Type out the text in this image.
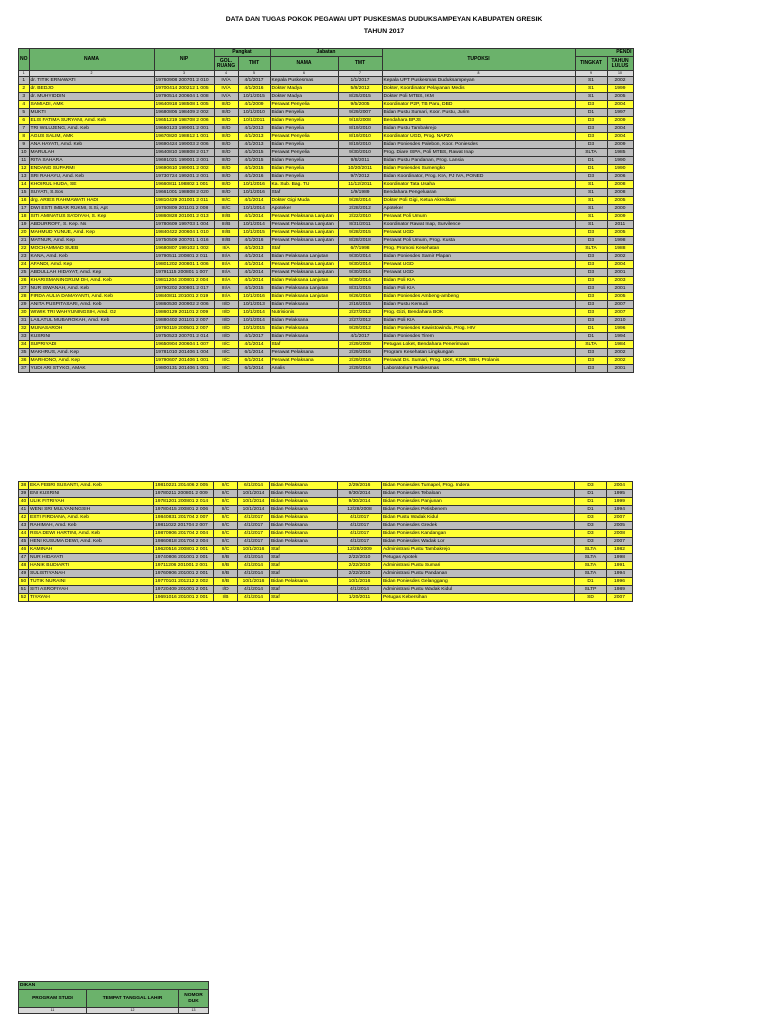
DATA DAN TUGAS POKOK PEGAWAI UPT PUSKESMAS DUDUKSAMPEYAN KABUPATEN GRESIK
TAHUN 2017
NO	NAMA	NIP	Pangkat		Jabatan		TUPOKSI	PENDI	
			GOL. RUANG	TMT	NAMA	TMT		TINGKAT	TAHUN LULUS
1	2	3	4	5	6	7	8	9	10
1	dr. TITIK ERNAWATI	19760908 200701 2 010	IV/A	4/1/2017	Kepala Puskesmas	1/1/2017	Kepala UPT Puskesmas Duduksampeyan	S1	2002
2	dr. BEDJO	19700414 200212 1 005	IV/A	4/1/2016	Dokter Madya	5/8/2012	Dokter, Koordinator Pelayanan Medis	S1	1999
3	dr. MUHYIDDIN	19790514 200604 1 008	IV/A	10/1/2015	Dokter Madya	8/25/2015	Dokter Poli MTBS, IKM	S1	2005
4	SAMIADI, AMK	19640918 198508 1 005	III/D	4/1/2009	Perawat Penyelia	9/5/2005	Koordinator P2P, TB Paru, DBD	D3	2004
5	MUKTI	19680806 198409 2 002	III/D	10/1/2010	Bidan Penyelia	9/29/2007	Bidan Pustu Sumari, Koor. Pustu, Jurim	D1	1997
6	ELIS FATIMA SURYANI, Amd. Keb	19651219 198708 2 006	III/D	10/1/2011	Bidan Penyelia	9/18/2008	Bendahara BPJS	D3	2009
7	TRI WILUJENG, Amd. Keb	19660123 199001 2 001	III/D	4/1/2013	Bidan Penyelia	8/19/2010	Bidan Pustu Tambakrejo	D3	2004
8	AGUS SALIM, AMK	19670820 198812 1 001	III/D	4/1/2013	Perawat Penyelia	8/19/2010	Koordinator UGD, Prog. NAPZA	D3	2004
9	ANA HAYATI, Amd. Keb	19690424 199003 2 006	III/D	4/1/2013	Bidan Penyelia	8/19/2010	Bidan Poniesdes Palebon, Koor. Poniesdes	D3	2009
10	MARULAH	19640810 198808 2 017	III/D	4/1/2015	Perawat Penyelia	9/30/2010	Prog. Diare ISPA, Poli MTBS, Rawat Inap	SLTA	1985
11	RITA SAHARA	19691021 199001 2 001	III/D	4/1/2015	Bidan Penyelia	9/8/2011	Bidan Pustu Pandanan, Prog. Lansia	D1	1990
12	ENDANG SUPARMI	19690610 199001 2 002	III/D	4/1/2015	Bidan Penyelia	10/20/2011	Bidan Poniesdes Sumengko	D1	1990
13	SRI RAHAYU, Amd. Keb	19730724 199201 2 001	III/D	4/1/2016	Bidan Penyelia	9/7/2012	Bidan Koordinator, Prog. KIA, PJ IVA, PONED	D3	2006
14	KHOIRUL HUDA, SE	19660811 198802 1 001	III/D	10/1/2016	Ka. Sub. Bag. TU	11/12/2011	Koordinator Tata Usaha	S1	2008
15	SUYATI, S.Sos	19661001 198808 2 020	III/D	10/1/2016	Staf	1/9/1989	Bendahara Pengeluaran	S1	2008
16	drg. ARIES RAHMAWATI HADI	19810429 201001 2 011	III/C	4/1/2014	Dokter Gigi Muda	9/28/2014	Dokter Poli Gigi, Ketua Akreditasi	S1	2005
17	DWI ESTI IMBAR RUKMI, S.Si, Apt	19760809 201101 2 008	III/C	10/1/2014	Apoteker	2/28/2012	Apoteker	S1	2000
18	SITI AMINATUS SA'DIYAH, S. Kep	19860828 201001 2 013	III/B	4/1/2014	Perawat Pelaksana Lanjutan	2/22/2010	Perawat Poli Umum	S1	2009
19	ABDURROFI', S. Kep. Ns	19780609 199703 1 004	III/B	10/1/2014	Perawat Pelaksana Lanjutan	8/31/2011	Koordinator Rawat Inap, Survilence	S1	2011
20	MAHMUD YUNUE, Amd. Kep	19840422 200604 1 010	III/B	10/1/2015	Perawat Pelaksana Lanjutan	9/28/2015	Perawat UGD	D3	2005
21	MATNUR, Amd. Kep	19750509 200701 1 016	III/B	4/1/2016	Perawat Pelaksana Lanjutan	8/28/2018	Perawat Poli Umum, Prog. Kusta	D3	1998
22	MOCHAMMAD SUEB	19680807 199102 1 002	II/A	4/1/2013	Staf	6/7/1998	Prog. Promosi Kesehatan	SLTA	1988
23	KANA, Amd. Keb	19790511 200801 2 011	III/A	4/1/2014	Bidan Pelaksana Lanjutan	9/30/2014	Bidan Poniesdes Samir Plapan	D3	2002
24	AFANDI, Amd. Kep	19801202 200801 1 006	III/A	4/1/2014	Perawat Pelaksana Lanjutan	9/30/2014	Perawat UGD	D3	2004
25	ABDULLAH HIDAYAT, Amd. Kep	19791115 200801 1 007	III/A	4/1/2014	Perawat Pelaksana Lanjutan	9/30/2014	Perawat UGD	D3	2001
26	KHARISMANINGRUM DH, Amd. Keb	19811204 200801 2 004	III/A	4/1/2014	Bidan Pelaksana Lanjutan	9/30/2014	Bidan Poli KIA	D3	2003
27	NUR ISWANAH, Amd. Keb	19790202 200801 2 017	III/A	4/1/2015	Bidan Pelaksana Lanjutan	8/31/2015	Bidan Poli KIA	D3	2001
28	FIRDA AULIA DAMAYANTI, Amd. Keb	19840811 201001 2 019	III/A	10/1/2016	Bidan Pelaksana Lanjutan	9/26/2016	Bidan Poniesdes Ambeng-ambeng	D3	2005
29	ANITA PUSPITASARI, Amd. Keb	19860530 200902 2 006	II/D	10/1/2013	Bidan Pelaksana	2/16/2015	Bidan Pustu Kemudi	D3	2007
30	WIWIK TRI WAHYUNINGSIH, Amd. Gz	19860129 201101 2 009	II/D	10/1/2014	Nutrisionis	2/27/2012	Prog. Gizi, Bendahara BOK	D3	2007
31	LAILATUL MUBAROKAH, Amd. Keb	19880402 201101 2 007	II/D	10/1/2014	Bidan Pelaksana	2/27/2012	Bidan Poli KIA	D3	2010
32	MUNASAROH	19760119 200501 2 007	II/D	10/1/2015	Bidan Pelaksana	9/29/2012	Bidan Poniesdes Kawistowindu, Prog. HIV	D1	1996
33	KUSRINI	19750523 200701 2 014	II/D	4/1/2017	Bidan Pelaksana	4/1/2017	Bidan Poniesdes Tirem	D1	1994
34	SUPRIYADI	19650904 200604 1 007	II/C	4/1/2014	Staf	2/29/2008	Petugas Loket, Bendahara Penerimaan	SLTA	1984
35	MAKHRUS, Amd. Kep	19781010 201406 1 004	II/C	6/1/2014	Perawat Pelaksana	2/29/2016	Program Kesehatan Lingkungan	D3	2002
36	MARHONO, Amd. Kep	19790607 201406 1 001	II/C	6/1/2014	Perawat Pelaksana	2/29/2016	Perawat Ds. Sumari, Prog. UKK, KOR, SBH, Prolanis	D3	2002
37	YUDI ARI STYKO, AMAK	19800131 201406 1 001	II/C	6/1/2014	Analis	2/29/2016	Laboratorium Puskesmas	D3	2001
38	EKA FEBRI SUSANTI, Amd. Keb	19810221 201406 2 005	II/C	6/1/2014	Bidan Pelaksana	2/29/2016	Bidan Poniesdes Tumapel, Prog. Indera	D3	2004
39	ENI KUSRINI	19780211 200801 2 009	II/C	10/1/2014	Bidan Pelaksana	9/30/2014	Bidan Poniesdes Tebaloan	D1	1995
40	ULIK FITRIYAH	19781201 200801 2 014	II/C	10/1/2014	Bidan Pelaksana	9/30/2014	Bidan Poniesdes Panjunan	D1	1999
41	WENI SRI MULYANINGSIH	19780415 200801 2 006	II/C	10/1/2014	Bidan Pelaksana	12/28/2008	Bidan Poniesdes Petisbenem	D1	1994
42	ESTI FIRDIANA, Amd. Keb	19840831 201704 2 007	II/C	4/1/2017	Bidan Pelaksana	4/1/2017	Bidan Pustu Wadak Kidul	D3	2007
43	RAHIMAH, Amd. Keb	19811022 201704 2 007	II/C	4/1/2017	Bidan Pelaksana	4/1/2017	Bidan Poniesdes Gredek	D3	2005
44	RISA DEWI HARTINI, Amd. Keb	19870906 201704 2 004	II/C	4/1/2017	Bidan Pelaksana	4/1/2017	Bidan Poniesdes Kandangan	D3	2008
45	HENI KUSUMA DEWI, Amd. Keb	19860818 201704 2 004	II/C	4/1/2017	Bidan Pelaksana	4/1/2017	Bidan Poniesdes Wadak Lor	D3	2007
46	KAMINAH	19620516 200801 2 001	II/C	10/1/2016	Staf	12/28/2009	Administrasi Pustu Tambakrejo	SLTA	1982
47	NUR HIDAYATI	19740806 201001 2 001	II/B	4/1/2014	Staf	2/22/2010	Petugas Apotek	SLTA	1998
48	HANIK BUDIARTI	19711206 201001 2 001	II/B	4/1/2014	Staf	2/22/2010	Administrasi Pustu Sumari	SLTA	1991
49	SULISTIYANAH	19760906 201001 2 001	II/B	4/1/2014	Staf	2/22/2010	Administrasi Pustu Pandanan	SLTA	1994
50	TUTIK NURAINI	19770101 201212 2 002	II/B	10/1/2016	Bidan Pelaksana	10/1/2016	Bidan Poniesdes Gelanggang	D1	1996
51	SITI ASROFIYAH	19720409 201001 2 001	I/D	4/1/2014	Staf	4/1/2014	Administrasi Pustu Wadak Kidul	SLTP	1989
52	TIYAYAH	19691016 201001 2 001	I/B	4/1/2014	Staf	1/20/2011	Petugas Kebersihan	SD	2007
DIKAN		
PROGRAM STUDI	TEMPAT TANGGAL LAHIR	NOMOR DUK
11	12	13
